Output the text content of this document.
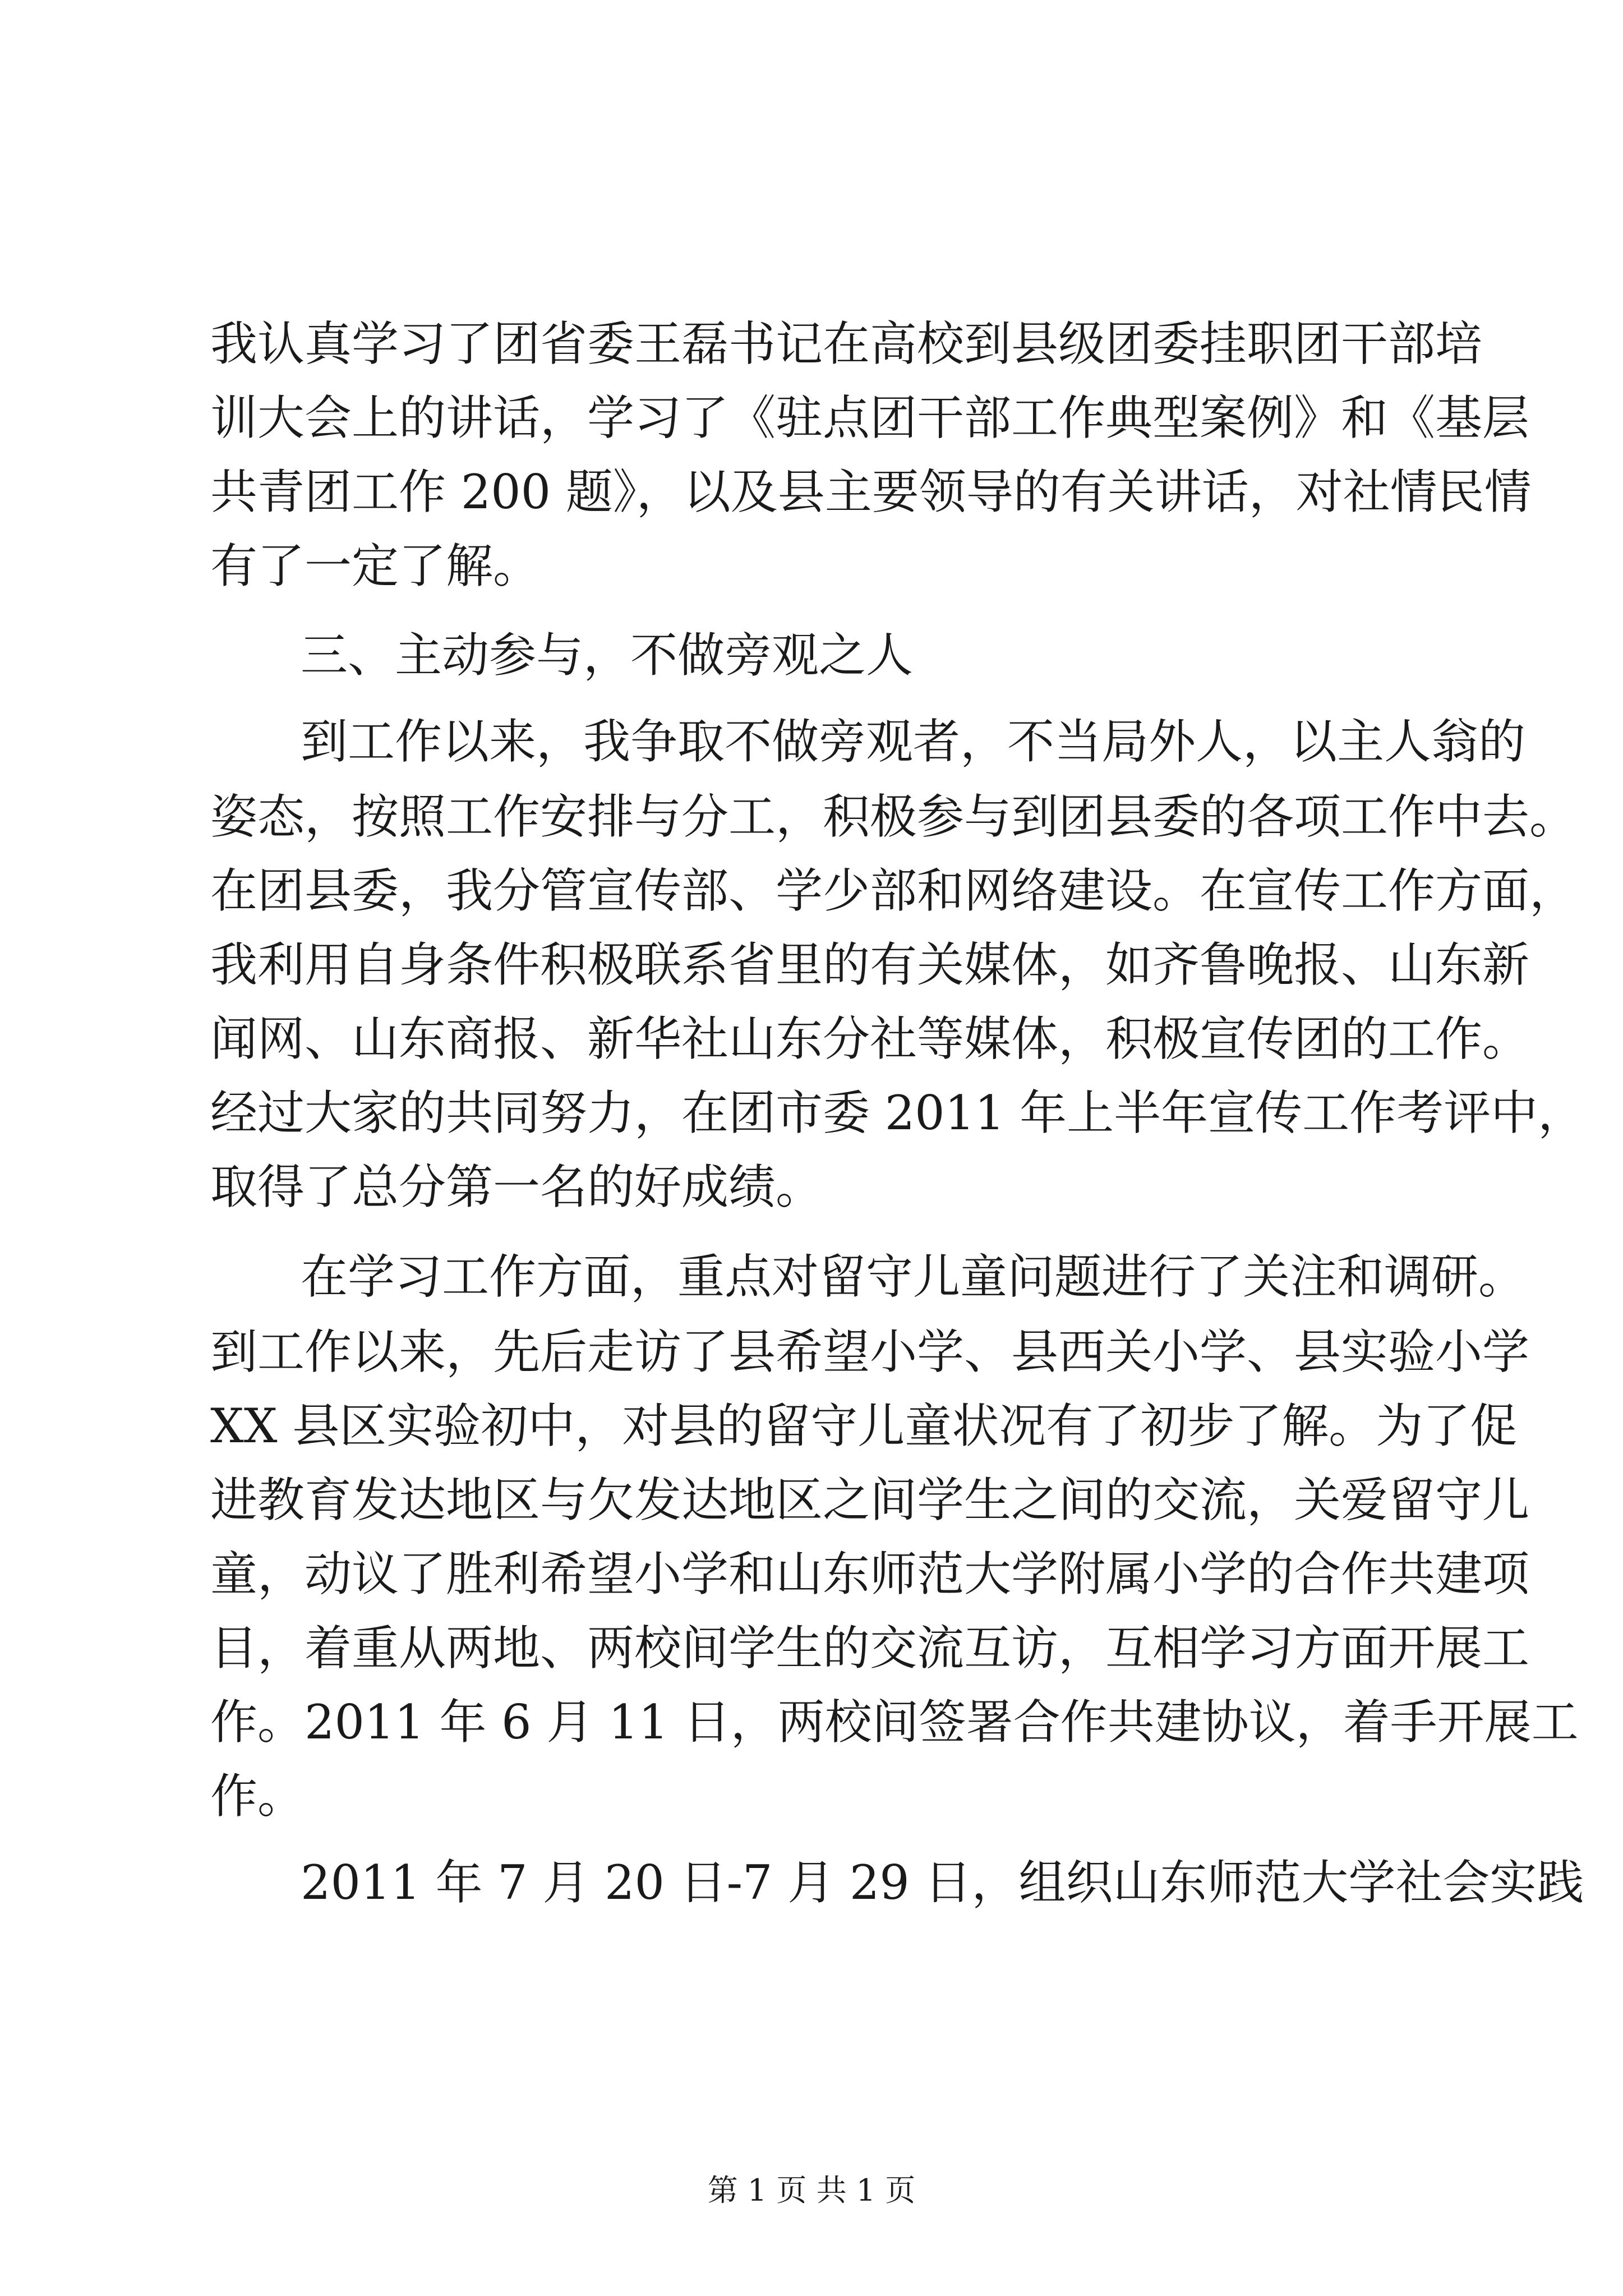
我认真学习了团省委王磊书记在高校到县级团委挂职团干部培
训大会上的讲话，学习了《驻点团干部工作典型案例》和《基层
共青团工作 200 题》，以及县主要领导的有关讲话，对社情民情
有了一定了解。
三、主动参与，不做旁观之人
到工作以来，我争取不做旁观者，不当局外人，以主人翁的
姿态，按照工作安排与分工，积极参与到团县委的各项工作中去。
在团县委，我分管宣传部、学少部和网络建设。在宣传工作方面，
我利用自身条件积极联系省里的有关媒体，如齐鲁晚报、山东新
闻网、山东商报、新华社山东分社等媒体，积极宣传团的工作。
经过大家的共同努力，在团市委 2011 年上半年宣传工作考评中，
取得了总分第一名的好成绩。
在学习工作方面，重点对留守儿童问题进行了关注和调研。
到工作以来，先后走访了县希望小学、县西关小学、县实验小学
XX 县区实验初中，对县的留守儿童状况有了初步了解。为了促
进教育发达地区与欠发达地区之间学生之间的交流，关爱留守儿
童，动议了胜利希望小学和山东师范大学附属小学的合作共建项
目，着重从两地、两校间学生的交流互访，互相学习方面开展工
作。2011 年 6 月 11 日，两校间签署合作共建协议，着手开展工
作。
2011 年 7 月 20 日-7 月 29 日，组织山东师范大学社会实践
第 1 页 共 1 页
